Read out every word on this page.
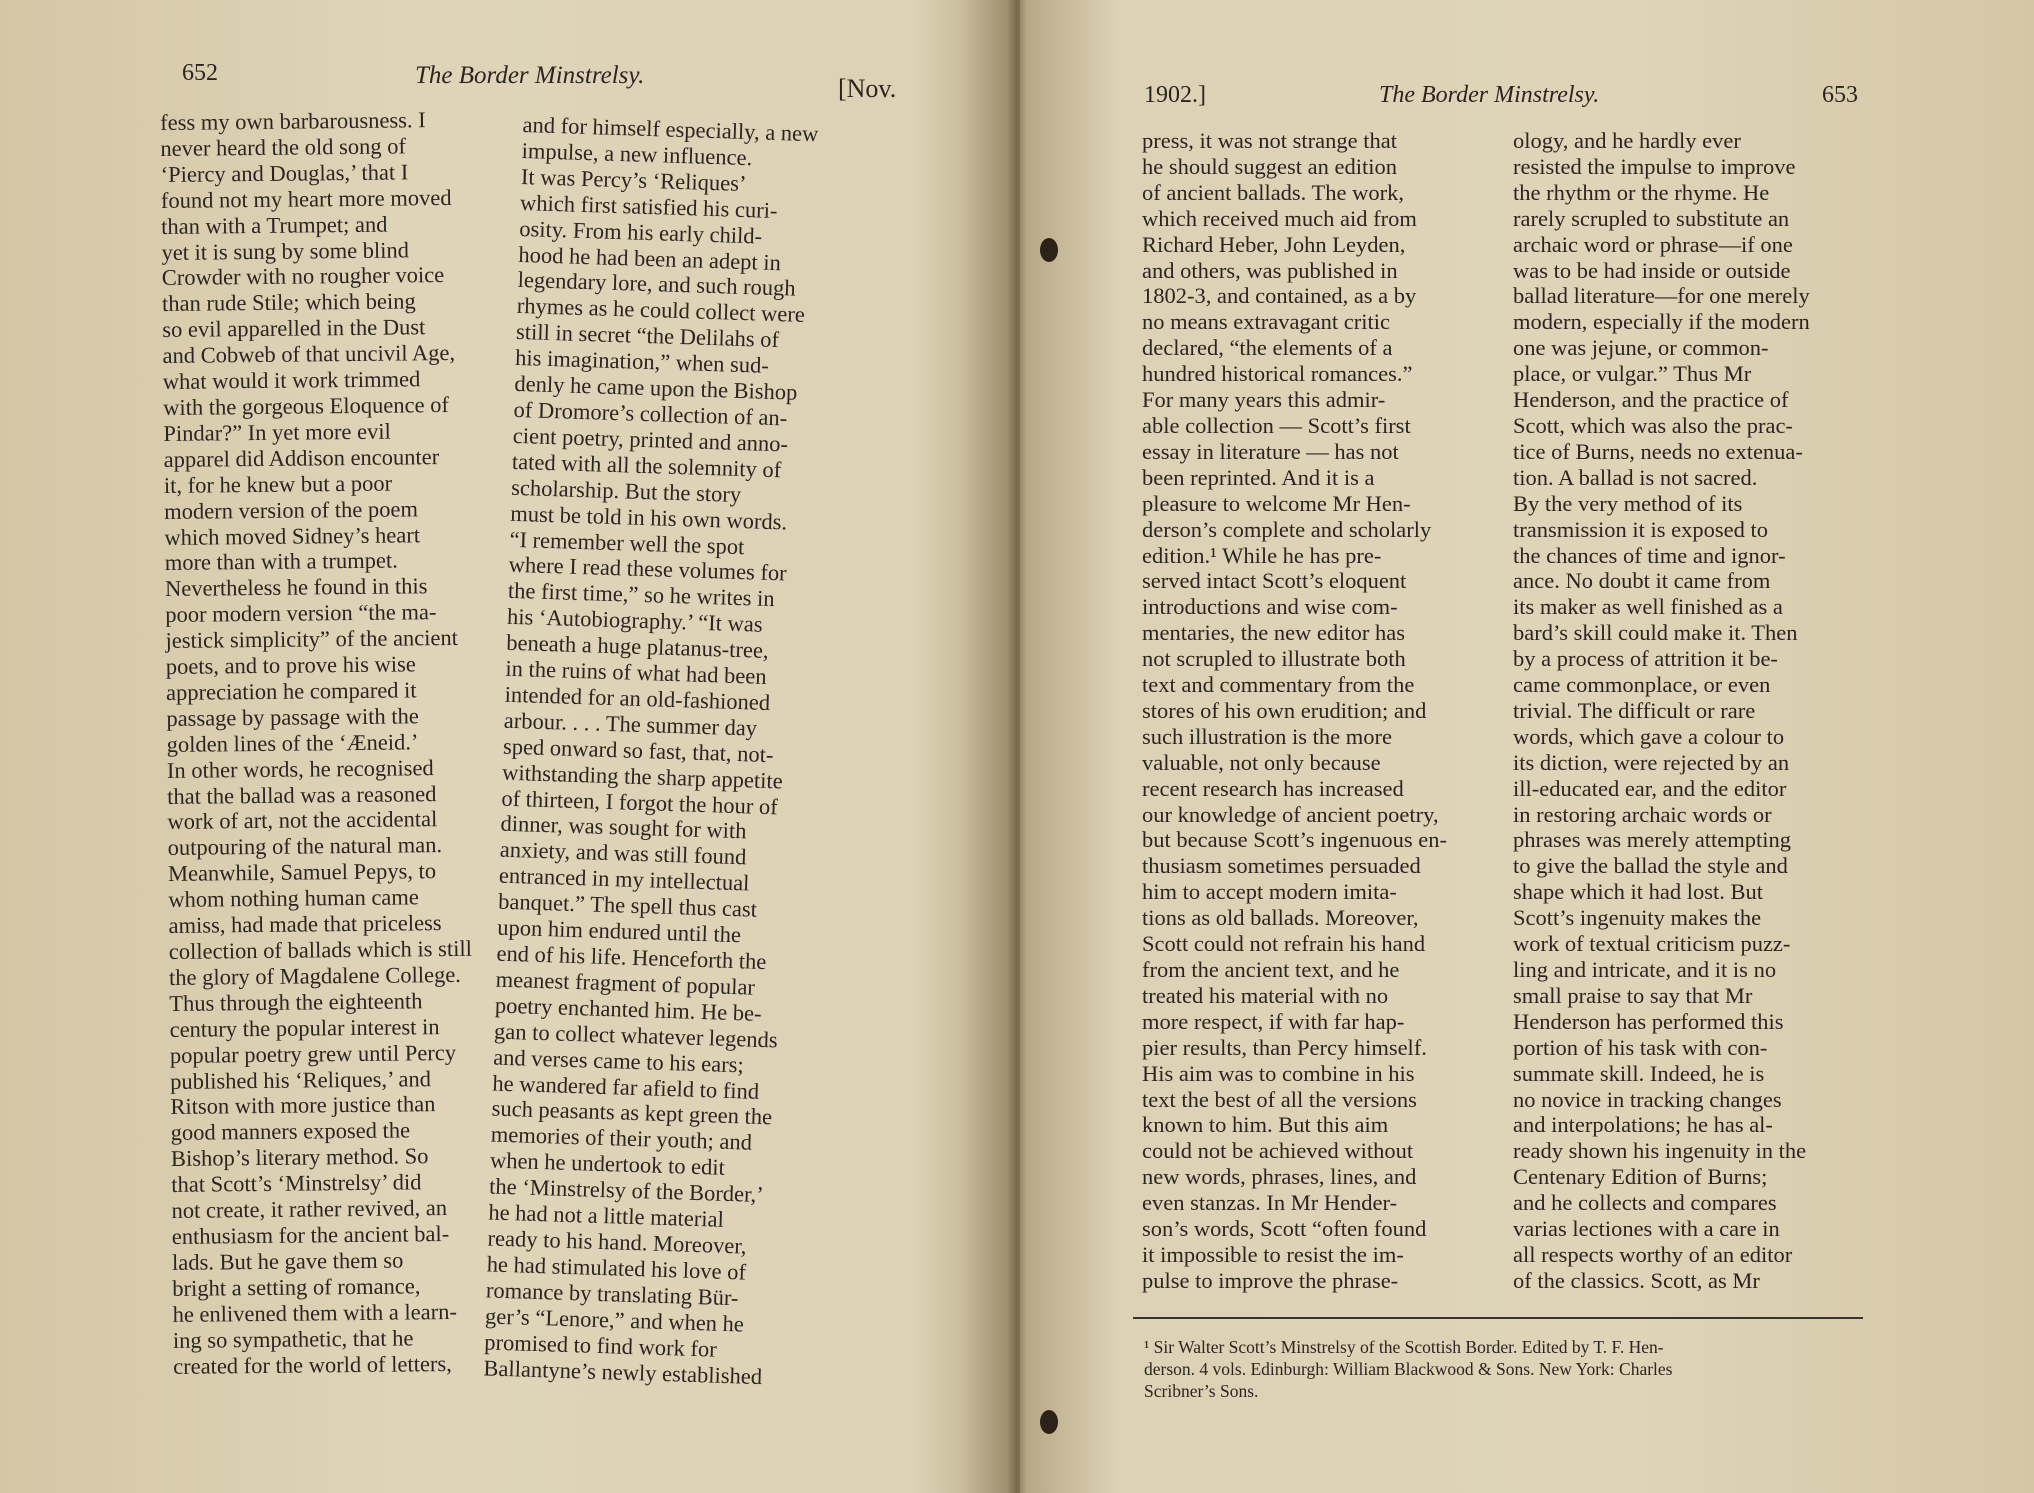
652	The Border Minstrelsy.	[Nov.
fess my own barbarousness. I
never heard the old song of
‘Piercy and Douglas,’ that I
found not my heart more moved
than with a Trumpet; and
yet it is sung by some blind
Crowder with no rougher voice
than rude Stile; which being
so evil apparelled in the Dust
and Cobweb of that uncivil Age,
what would it work trimmed
with the gorgeous Eloquence of
Pindar?” In yet more evil
apparel did Addison encounter
it, for he knew but a poor
modern version of the poem
which moved Sidney’s heart
more than with a trumpet.
Nevertheless he found in this
poor modern version “the ma-
jestick simplicity” of the ancient
poets, and to prove his wise
appreciation he compared it
passage by passage with the
golden lines of the ‘Æneid.’
In other words, he recognised
that the ballad was a reasoned
work of art, not the accidental
outpouring of the natural man.
Meanwhile, Samuel Pepys, to
whom nothing human came
amiss, had made that priceless
collection of ballads which is still
the glory of Magdalene College.
Thus through the eighteenth
century the popular interest in
popular poetry grew until Percy
published his ‘Reliques,’ and
Ritson with more justice than
good manners exposed the
Bishop’s literary method. So
that Scott’s ‘Minstrelsy’ did
not create, it rather revived, an
enthusiasm for the ancient bal-
lads. But he gave them so
bright a setting of romance,
he enlivened them with a learn-
ing so sympathetic, that he
created for the world of letters,
and for himself especially, a new
impulse, a new influence.
It was Percy’s ‘Reliques’
which first satisfied his curi-
osity. From his early child-
hood he had been an adept in
legendary lore, and such rough
rhymes as he could collect were
still in secret “the Delilahs of
his imagination,” when sud-
denly he came upon the Bishop
of Dromore’s collection of an-
cient poetry, printed and anno-
tated with all the solemnity of
scholarship. But the story
must be told in his own words.
“I remember well the spot
where I read these volumes for
the first time,” so he writes in
his ‘Autobiography.’ “It was
beneath a huge platanus-tree,
in the ruins of what had been
intended for an old-fashioned
arbour. . . . The summer day
sped onward so fast, that, not-
withstanding the sharp appetite
of thirteen, I forgot the hour of
dinner, was sought for with
anxiety, and was still found
entranced in my intellectual
banquet.” The spell thus cast
upon him endured until the
end of his life. Henceforth the
meanest fragment of popular
poetry enchanted him. He be-
gan to collect whatever legends
and verses came to his ears;
he wandered far afield to find
such peasants as kept green the
memories of their youth; and
when he undertook to edit
the ‘Minstrelsy of the Border,’
he had not a little material
ready to his hand. Moreover,
he had stimulated his love of
romance by translating Bür-
ger’s “Lenore,” and when he
promised to find work for
Ballantyne’s newly established
1902.]	The Border Minstrelsy.	653
press, it was not strange that
he should suggest an edition
of ancient ballads. The work,
which received much aid from
Richard Heber, John Leyden,
and others, was published in
1802-3, and contained, as a by
no means extravagant critic
declared, “the elements of a
hundred historical romances.”
For many years this admir-
able collection — Scott’s first
essay in literature — has not
been reprinted. And it is a
pleasure to welcome Mr Hen-
derson’s complete and scholarly
edition.¹ While he has pre-
served intact Scott’s eloquent
introductions and wise com-
mentaries, the new editor has
not scrupled to illustrate both
text and commentary from the
stores of his own erudition; and
such illustration is the more
valuable, not only because
recent research has increased
our knowledge of ancient poetry,
but because Scott’s ingenuous en-
thusiasm sometimes persuaded
him to accept modern imita-
tions as old ballads. Moreover,
Scott could not refrain his hand
from the ancient text, and he
treated his material with no
more respect, if with far hap-
pier results, than Percy himself.
His aim was to combine in his
text the best of all the versions
known to him. But this aim
could not be achieved without
new words, phrases, lines, and
even stanzas. In Mr Hender-
son’s words, Scott “often found
it impossible to resist the im-
pulse to improve the phrase-
ology, and he hardly ever
resisted the impulse to improve
the rhythm or the rhyme. He
rarely scrupled to substitute an
archaic word or phrase—if one
was to be had inside or outside
ballad literature—for one merely
modern, especially if the modern
one was jejune, or common-
place, or vulgar.” Thus Mr
Henderson, and the practice of
Scott, which was also the prac-
tice of Burns, needs no extenua-
tion. A ballad is not sacred.
By the very method of its
transmission it is exposed to
the chances of time and ignor-
ance. No doubt it came from
its maker as well finished as a
bard’s skill could make it. Then
by a process of attrition it be-
came commonplace, or even
trivial. The difficult or rare
words, which gave a colour to
its diction, were rejected by an
ill-educated ear, and the editor
in restoring archaic words or
phrases was merely attempting
to give the ballad the style and
shape which it had lost. But
Scott’s ingenuity makes the
work of textual criticism puzz-
ling and intricate, and it is no
small praise to say that Mr
Henderson has performed this
portion of his task with con-
summate skill. Indeed, he is
no novice in tracking changes
and interpolations; he has al-
ready shown his ingenuity in the
Centenary Edition of Burns;
and he collects and compares
varias lectiones with a care in
all respects worthy of an editor
of the classics. Scott, as Mr
¹ Sir Walter Scott’s Minstrelsy of the Scottish Border. Edited by T. F. Hen-
derson. 4 vols. Edinburgh: William Blackwood & Sons. New York: Charles
Scribner’s Sons.
